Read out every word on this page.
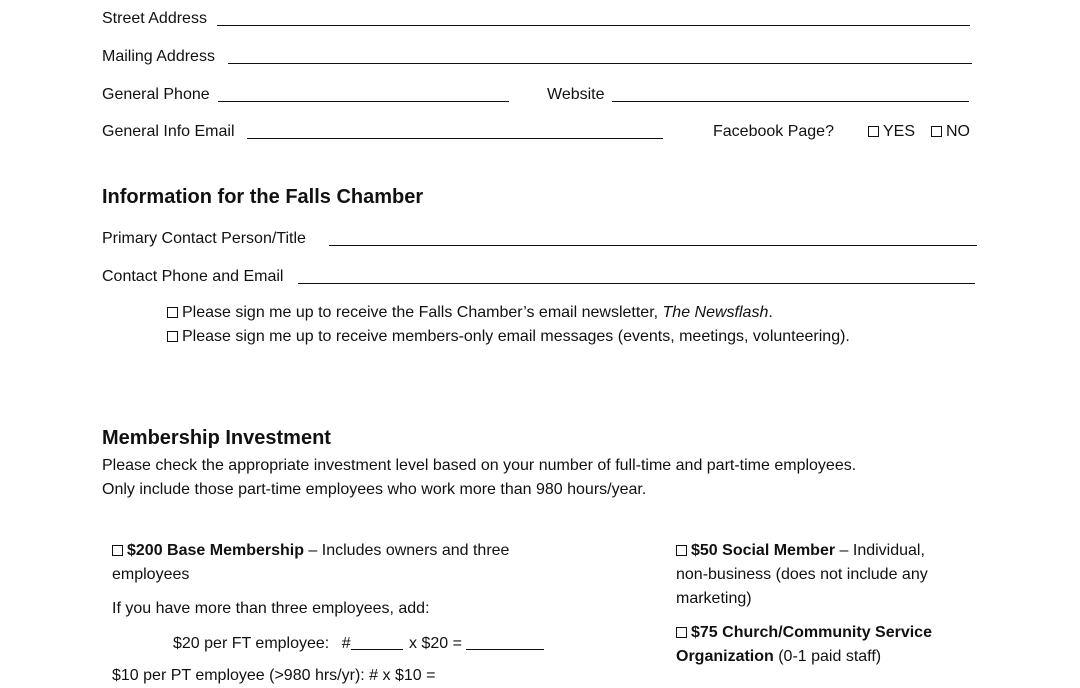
Street Address
Mailing Address
General Phone	Website
General Info Email	Facebook Page?	YES	NO
Information for the Falls Chamber
Primary Contact Person/Title
Contact Phone and Email
Please sign me up to receive the Falls Chamber’s email newsletter, The Newsflash.
Please sign me up to receive members-only email messages (events, meetings, volunteering).
Membership Investment
Please check the appropriate investment level based on your number of full-time and part-time employees.
Only include those part-time employees who work more than 980 hours/year.
$200 Base Membership – Includes owners and three
employees
If you have more than three employees, add:
$20 per FT employee: #	x $20 =
$10 per PT employee (>980 hrs/yr): # x $10 =
$50 Social Member – Individual,
non-business (does not include any
marketing)
$75 Church/Community Service
Organization (0-1 paid staff)
